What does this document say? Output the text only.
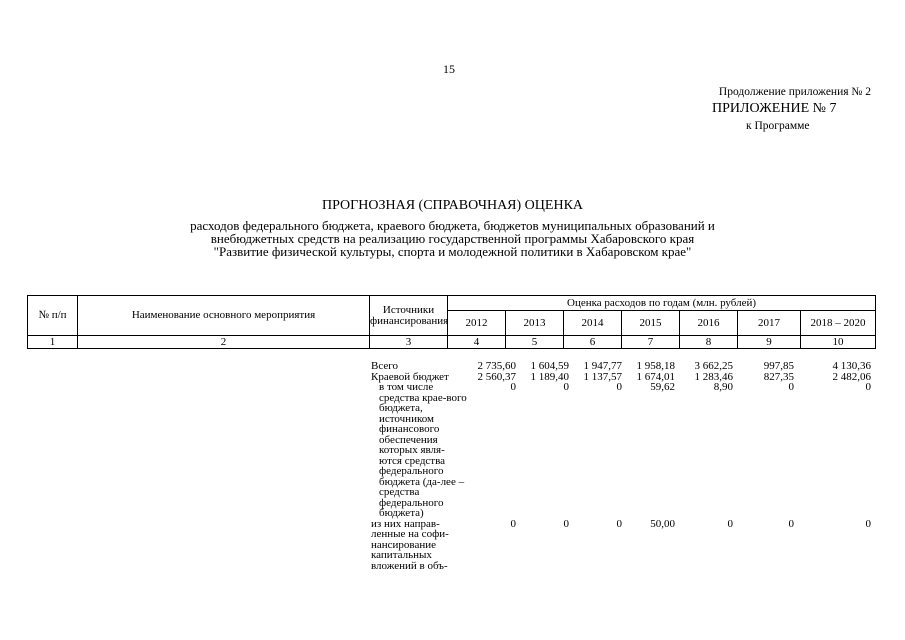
15
Продолжение приложения № 2
ПРИЛОЖЕНИЕ № 7
к Программе
ПРОГНОЗНАЯ (СПРАВОЧНАЯ) ОЦЕНКА
расходов федерального бюджета, краевого бюджета, бюджетов муниципальных образований и
внебюджетных средств на реализацию государственной программы Хабаровского края
"Развитие физической культуры, спорта и молодежной политики в Хабаровском крае"
№ п/п	Наименование основного мероприятия	Источники финансирования	Оценка расходов по годам (млн. рублей)						
			2012	2013	2014	2015	2016	2017	2018 – 2020
1	2	3	4	5	6	7	8	9	10
		Всего	2 735,60	1 604,59	1 947,77	1 958,18	3 662,25	997,85	4 130,36
		Краевой бюджет	2 560,37	1 189,40	1 137,57	1 674,01	1 283,46	827,35	2 482,06
		в том числе средства крае-вого бюджета, источником финансового обеспечения которых явля-ются средства федерального бюджета (да-лее – средства федерального бюджета)	0	0	0	59,62	8,90	0	0
		из них направ-ленные на софи-нансирование капитальных вложений в объ-	0	0	0	50,00	0	0	0
